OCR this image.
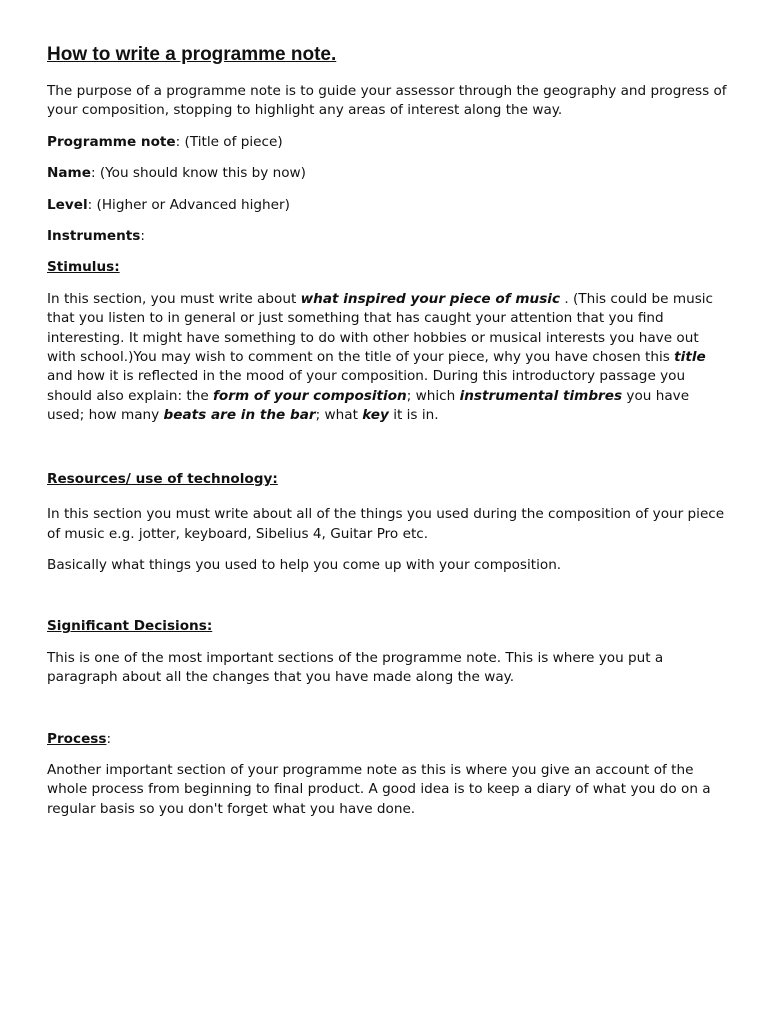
How to write a programme note.

The purpose of a programme note is to guide your assessor through the geography and progress of your composition, stopping to highlight any areas of interest along the way.

Programme note: (Title of piece)
Name: (You should know this by now)
Level: (Higher or Advanced higher)
Instruments:
Stimulus:

In this section, you must write about what inspired your piece of music . (This could be music that you listen to in general or just something that has caught your attention that you find interesting. It might have something to do with other hobbies or musical interests you have out with school.)You may wish to comment on the title of your piece, why you have chosen this title and how it is reflected in the mood of your composition. During this introductory passage you should also explain: the form of your composition; which instrumental timbres you have used; how many beats are in the bar; what key it is in.

Resources/ use of technology:

In this section you must write about all of the things you used during the composition of your piece of music e.g. jotter, keyboard, Sibelius 4, Guitar Pro etc.

Basically what things you used to help you come up with your composition.

Significant Decisions:

This is one of the most important sections of the programme note. This is where you put a paragraph about all the changes that you have made along the way.

Process:

Another important section of your programme note as this is where you give an account of the whole process from beginning to final product. A good idea is to keep a diary of what you do on a regular basis so you don't forget what you have done.
